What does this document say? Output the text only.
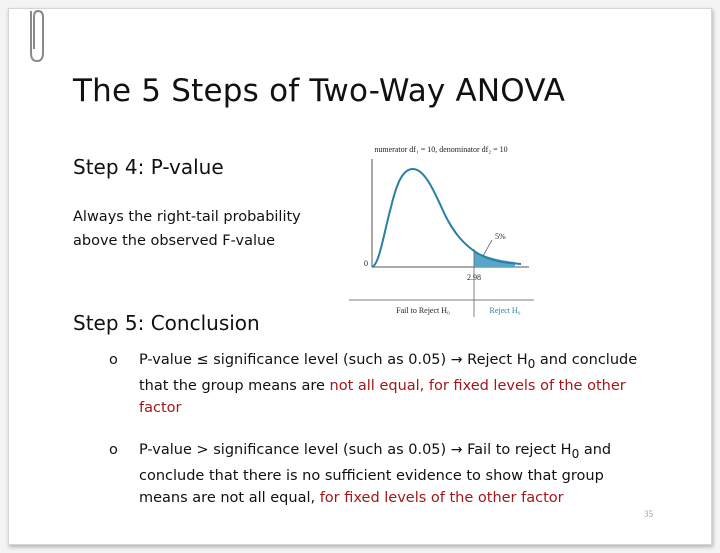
The 5 Steps of Two-Way ANOVA
Step 4: P-value
Always the right-tail probability above the observed F-value
numerator df₁ = 10, denominator df₂ = 10
0
2.98
5%
Fail to Reject H₀	Reject H₀
Step 5: Conclusion
o P-value ≤ significance level (such as 0.05) → Reject $H_0$ and conclude that the group means are not all equal, for fixed levels of the other factor
o P-value > significance level (such as 0.05) → Fail to reject $H_0$ and conclude that there is no sufficient evidence to show that group means are not all equal, for fixed levels of the other factor
35
